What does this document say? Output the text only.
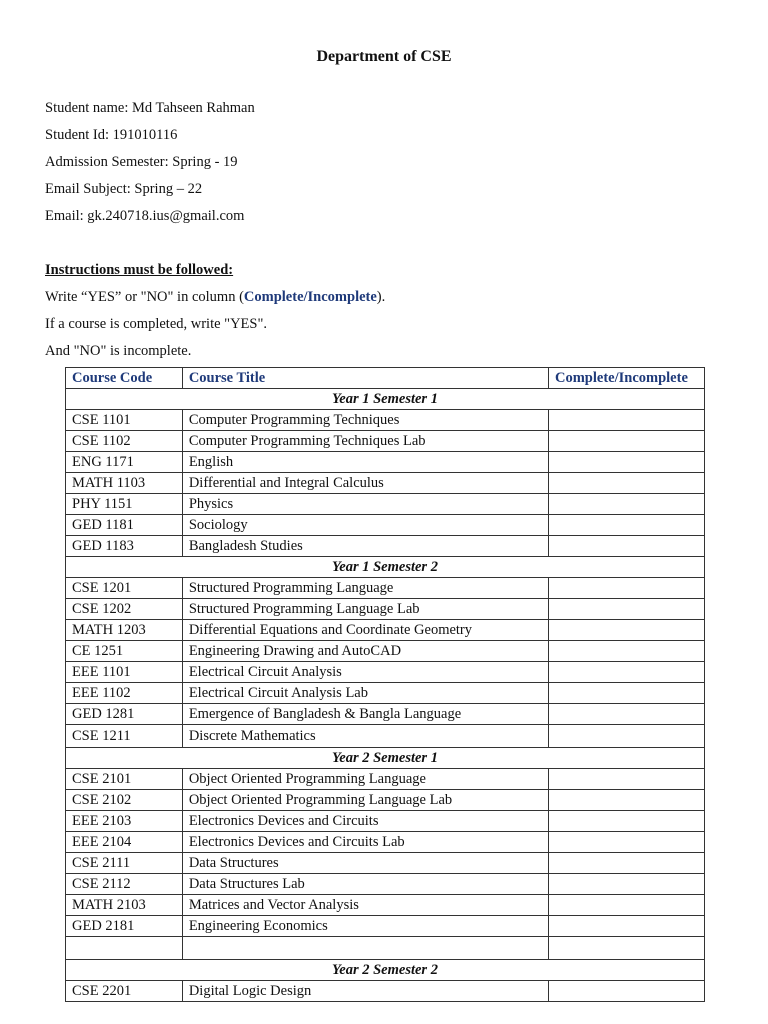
Department of CSE
Student name: Md Tahseen Rahman
Student Id: 191010116
Admission Semester: Spring - 19
Email Subject: Spring – 22
Email: gk.240718.ius@gmail.com
Instructions must be followed:
Write “YES” or "NO" in column (Complete/Incomplete).
If a course is completed, write "YES".
And "NO" is incomplete.
Course Code	Course Title	Complete/Incomplete
Year 1 Semester 1		
CSE 1101	Computer Programming Techniques	
CSE 1102	Computer Programming Techniques Lab	
ENG 1171	English	
MATH 1103	Differential and Integral Calculus	
PHY 1151	Physics	
GED 1181	Sociology	
GED 1183	Bangladesh Studies	
Year 1 Semester 2		
CSE 1201	Structured Programming Language	
CSE 1202	Structured Programming Language Lab	
MATH 1203	Differential Equations and Coordinate Geometry	
CE 1251	Engineering Drawing and AutoCAD	
EEE 1101	Electrical Circuit Analysis	
EEE 1102	Electrical Circuit Analysis Lab	
GED 1281	Emergence of Bangladesh & Bangla Language	
CSE 1211	Discrete Mathematics	
Year 2 Semester 1		
CSE 2101	Object Oriented Programming Language	
CSE 2102	Object Oriented Programming Language Lab	
EEE 2103	Electronics Devices and Circuits	
EEE 2104	Electronics Devices and Circuits Lab	
CSE 2111	Data Structures	
CSE 2112	Data Structures Lab	
MATH 2103	Matrices and Vector Analysis	
GED 2181	Engineering Economics	

Year 2 Semester 2		
CSE 2201	Digital Logic Design	
